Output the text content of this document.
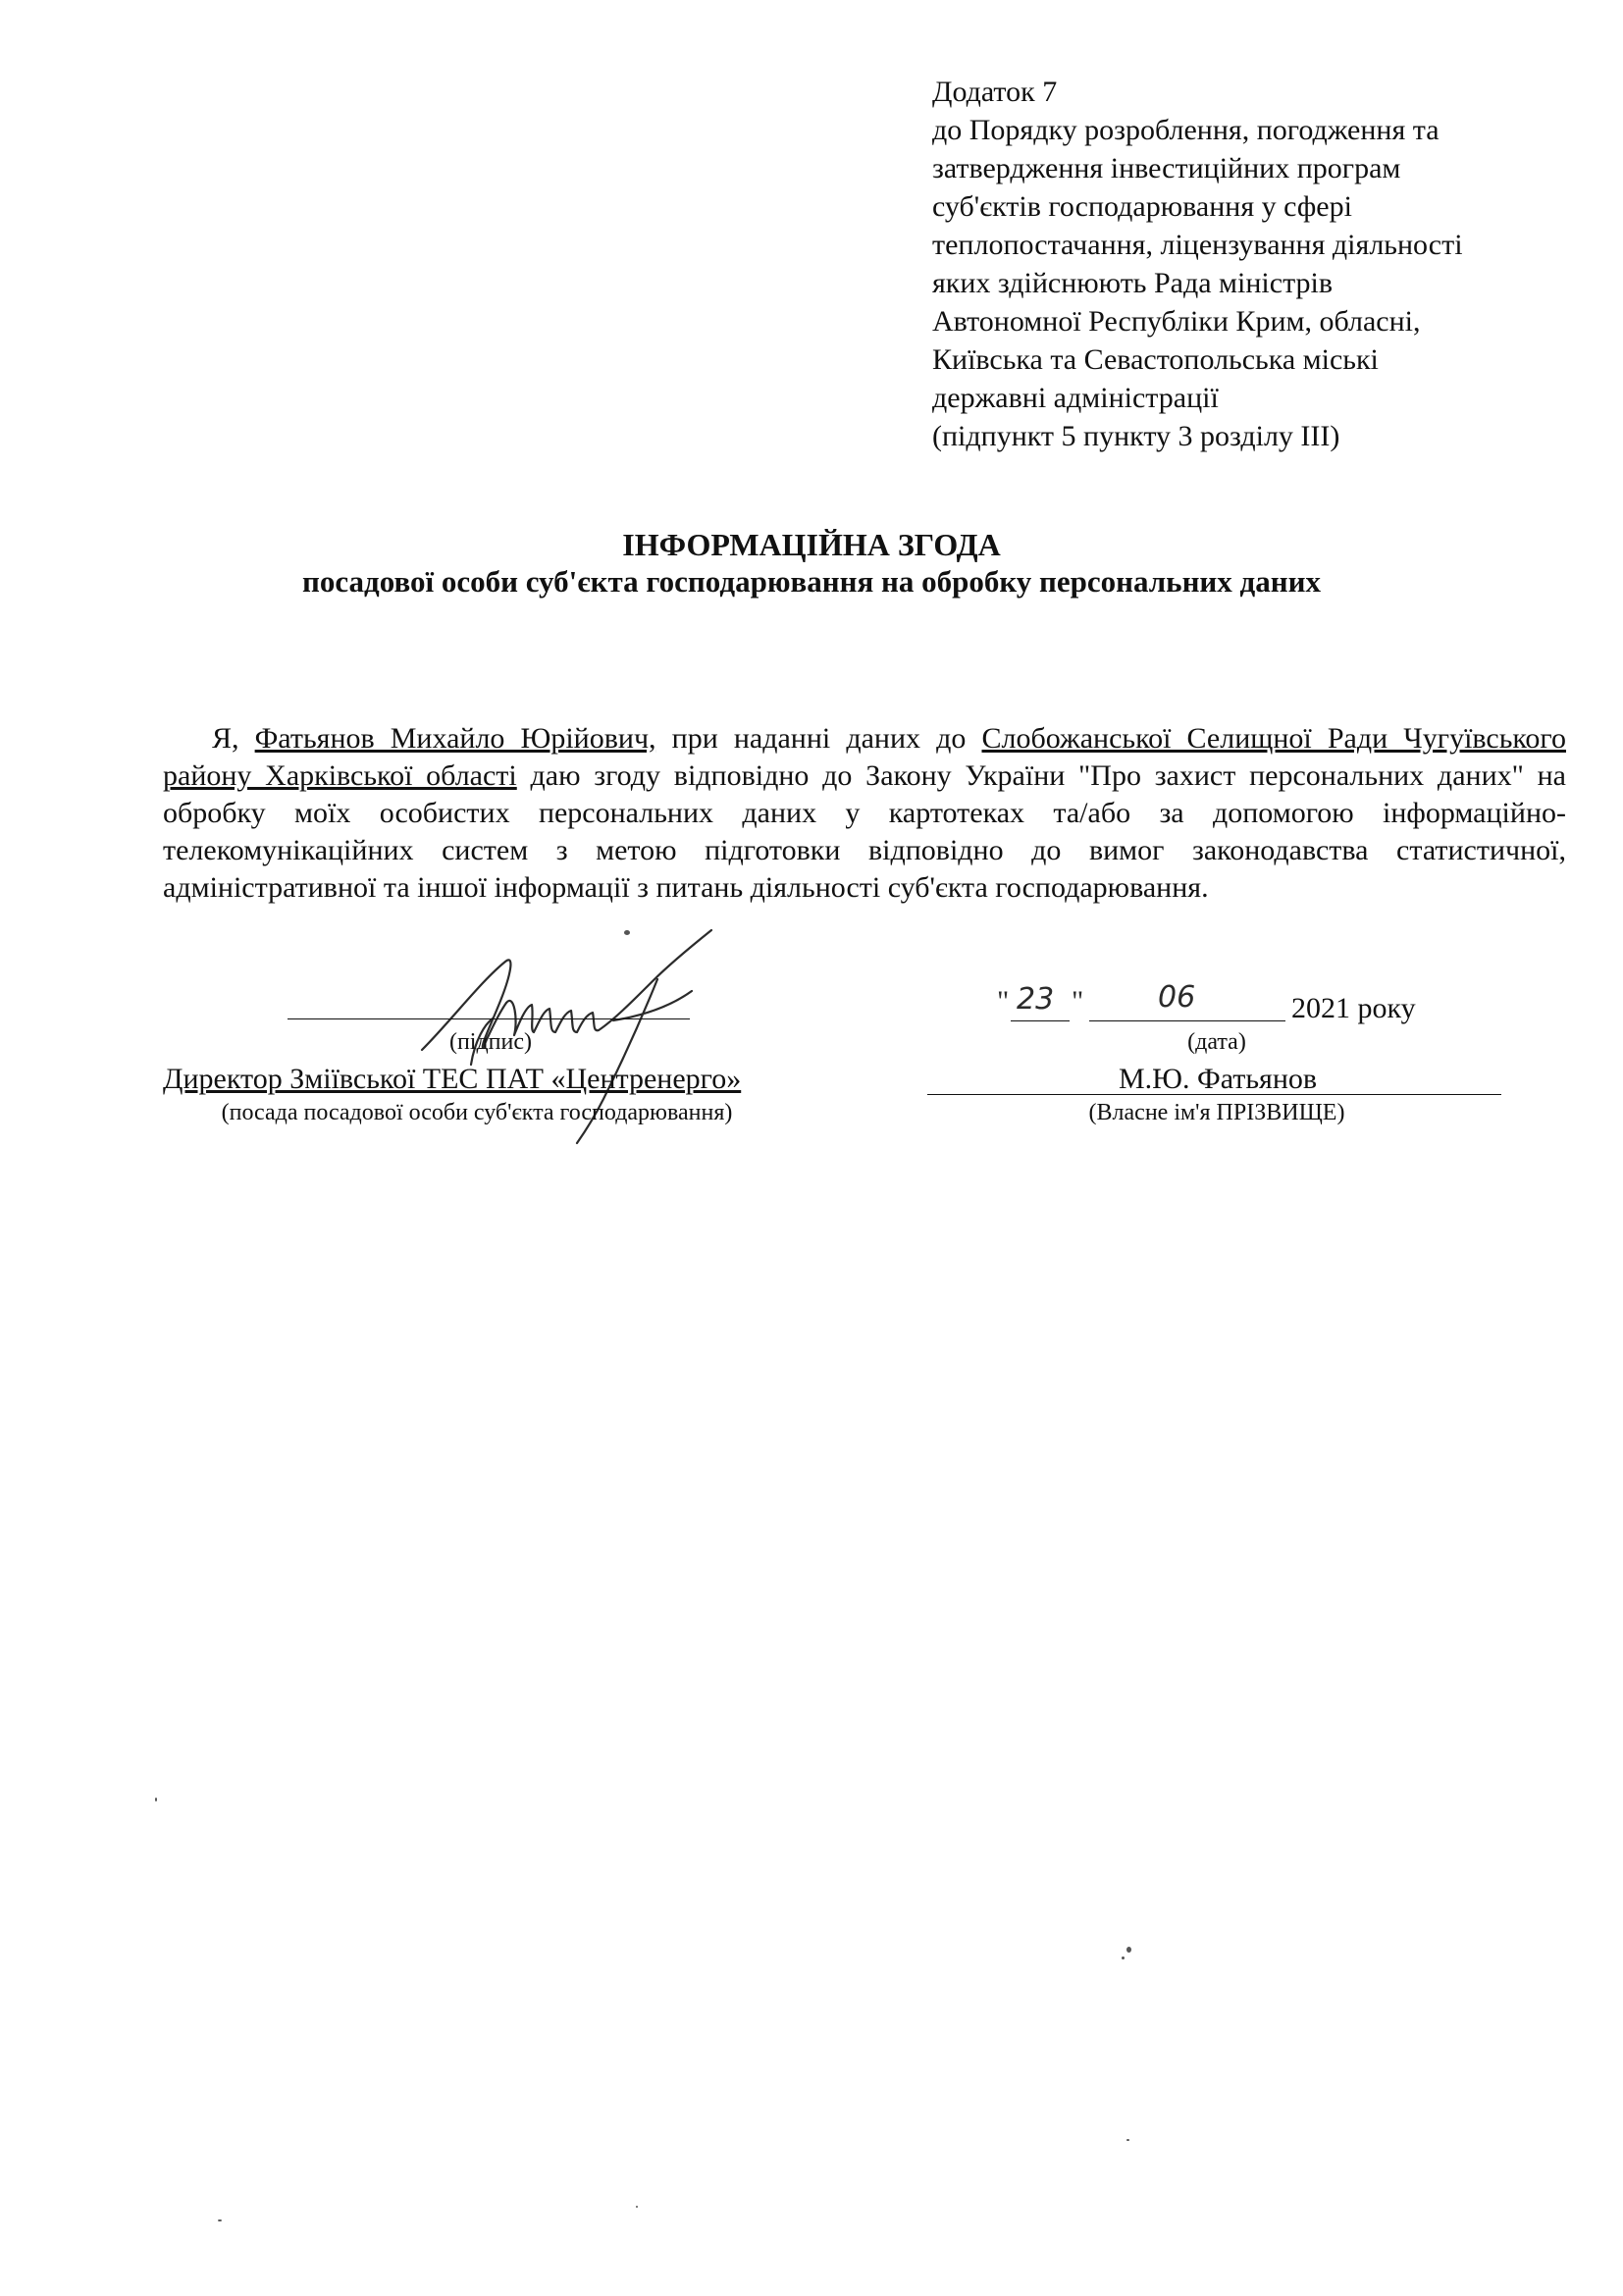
Додаток 7
до Порядку розроблення, погодження та
затвердження інвестиційних програм
суб'єктів господарювання у сфері
теплопостачання, ліцензування діяльності
яких здійснюють Рада міністрів
Автономної Республіки Крим, обласні,
Київська та Севастопольська міські
державні адміністрації
(підпункт 5 пункту 3 розділу III)
ІНФОРМАЦІЙНА ЗГОДА
посадової особи суб'єкта господарювання на обробку персональних даних
Я, Фатьянов Михайло Юрійович, при наданні даних до Слобожанської Селищної Ради Чугуївського району Харківської області даю згоду відповідно до Закону України "Про захист персональних даних" на обробку моїх особистих персональних даних у картотеках та/або за допомогою інформаційно-телекомунікаційних систем з метою підготовки відповідно до вимог законодавства статистичної, адміністративної та іншої інформації з питань діяльності суб'єкта господарювання.
(підпис)
Директор Зміївської ТЕС ПАТ «Центренерго»
(посада посадової особи суб'єкта господарювання)
" 23 "	06	2021 року
(дата)
М.Ю. Фатьянов
(Власне ім'я ПРІЗВИЩЕ)
